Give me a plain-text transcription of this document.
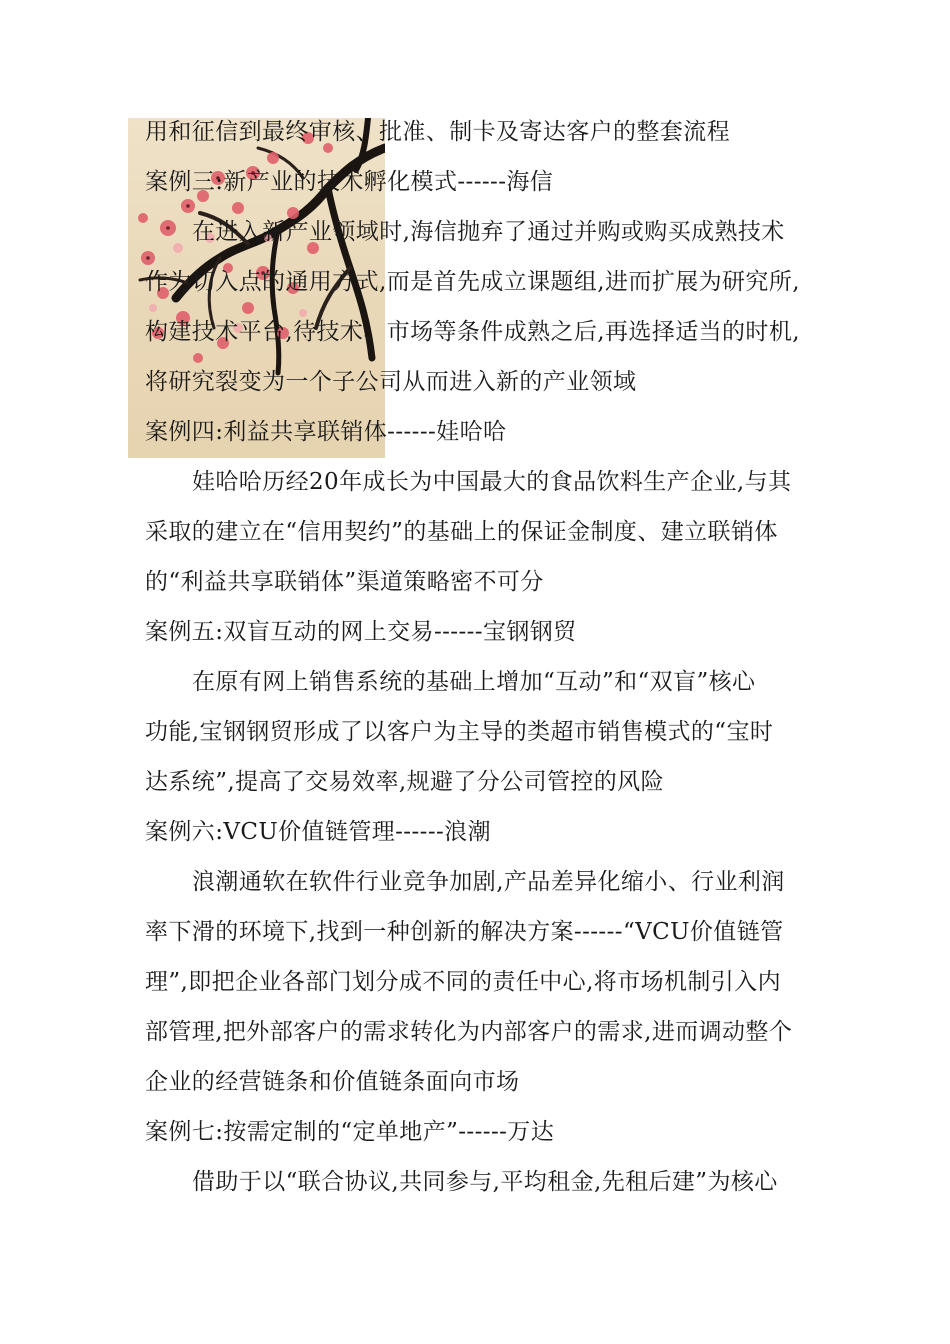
用和征信到最终审核、批准、制卡及寄达客户的整套流程
案例三:新产业的技术孵化模式------海信
在进入新产业领域时,海信抛弃了通过并购或购买成熟技术
作为切入点的通用方式,而是首先成立课题组,进而扩展为研究所,
构建技术平台,待技术、市场等条件成熟之后,再选择适当的时机,
将研究裂变为一个子公司从而进入新的产业领域
案例四:利益共享联销体------娃哈哈
娃哈哈历经20年成长为中国最大的食品饮料生产企业,与其
采取的建立在“信用契约”的基础上的保证金制度、建立联销体
的“利益共享联销体”渠道策略密不可分
案例五:双盲互动的网上交易------宝钢钢贸
在原有网上销售系统的基础上增加“互动”和“双盲”核心
功能,宝钢钢贸形成了以客户为主导的类超市销售模式的“宝时
达系统”,提高了交易效率,规避了分公司管控的风险
案例六:VCU价值链管理------浪潮
浪潮通软在软件行业竞争加剧,产品差异化缩小、行业利润
率下滑的环境下,找到一种创新的解决方案------“VCU价值链管
理”,即把企业各部门划分成不同的责任中心,将市场机制引入内
部管理,把外部客户的需求转化为内部客户的需求,进而调动整个
企业的经营链条和价值链条面向市场
案例七:按需定制的“定单地产”------万达
借助于以“联合协议,共同参与,平均租金,先租后建”为核心
